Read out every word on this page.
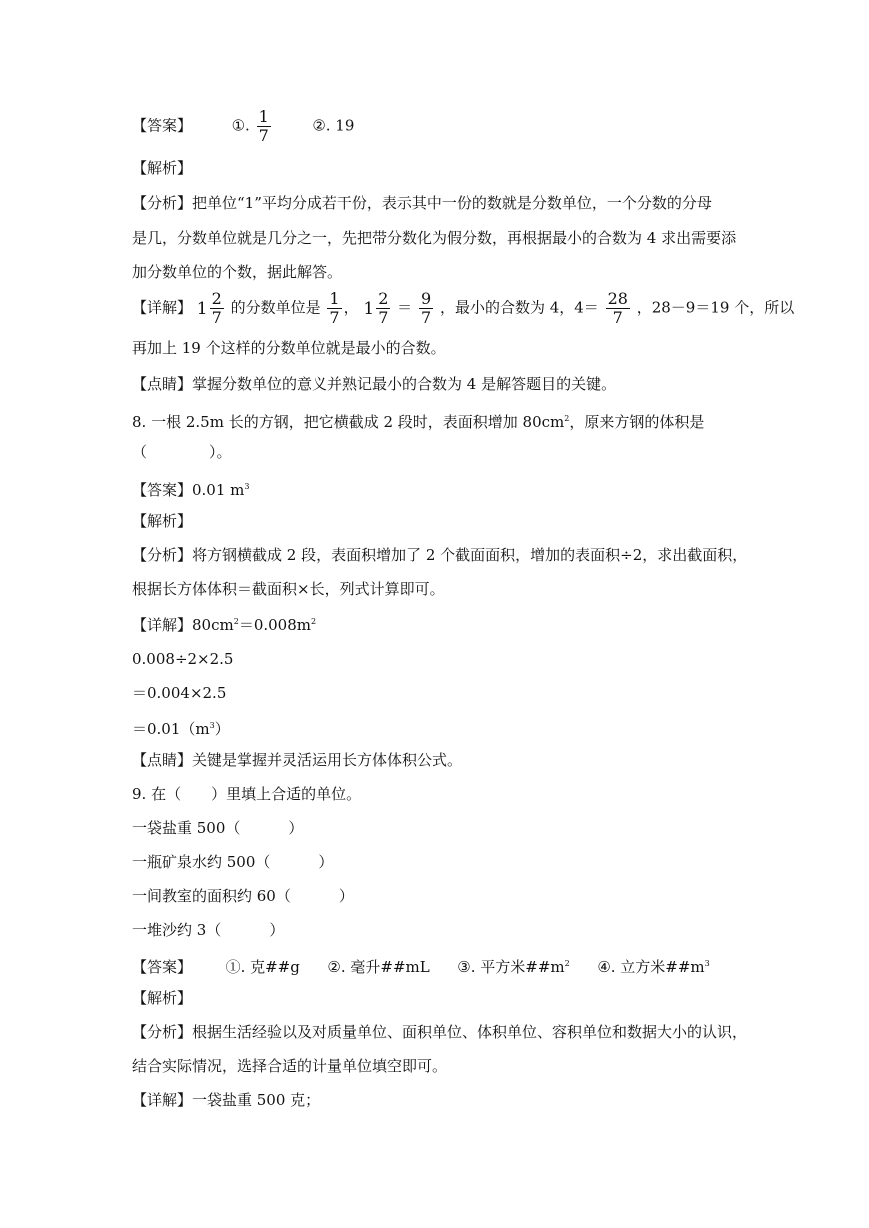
【答案】	①. $\frac{1}{7}$	②. 19
【解析】
【分析】把单位“1”平均分成若干份，表示其中一份的数就是分数单位，一个分数的分母
是几，分数单位就是几分之一，先把带分数化为假分数，再根据最小的合数为 4 求出需要添
加分数单位的个数，据此解答。
【详解】 $1 \frac{2}{7}$ 的分数单位是 $\frac{1}{7}$ ， $1 \frac{2}{7} = \frac{9}{7}$ ，最小的合数为 4，$4= \frac{28}{7}$ ，28－9＝19 个，所以
再加上 19 个这样的分数单位就是最小的合数。
【点睛】掌握分数单位的意义并熟记最小的合数为 4 是解答题目的关键。
8. 一根 2.5m 长的方钢，把它横截成 2 段时，表面积增加 $80cm^2$，原来方钢的体积是
（	）。
【答案】0.01 $m^3$
【解析】
【分析】将方钢横截成 2 段，表面积增加了 2 个截面面积，增加的表面积÷2，求出截面积，
根据长方体体积＝截面积×长，列式计算即可。
【详解】$80cm^2=0.008m^2$
0.008÷2×2.5
＝0.004×2.5
$=0.01(m^3)$
【点睛】关键是掌握并灵活运用长方体体积公式。
9. 在（　　）里填上合适的单位。
一袋盐重 500（	）
一瓶矿泉水约 500（	）
一间教室的面积约 60（	）
一堆沙约 3（	）
【答案】 ①. 克##g ②. 毫升##mL ③. 平方米$\#\#m^2$ ④. 立方米$\#\#m^3$
【解析】
【分析】根据生活经验以及对质量单位、面积单位、体积单位、容积单位和数据大小的认识，
结合实际情况，选择合适的计量单位填空即可。
【详解】一袋盐重 500 克；
